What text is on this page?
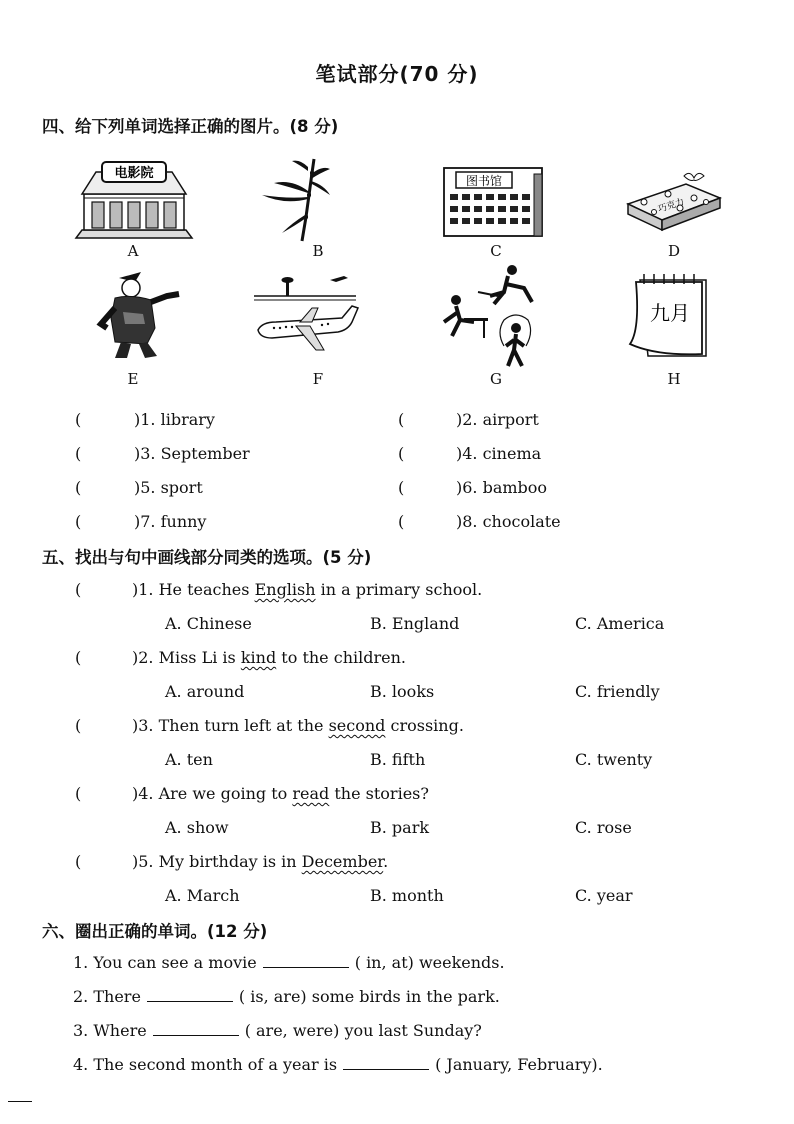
笔试部分(70 分)
四、给下列单词选择正确的图片。(8 分)
电影院
A	B
图书馆
C
巧克力
D
E	F	G
九月
H
(	)1. library	(	)2. airport
(	)3. September	(	)4. cinema
(	)5. sport	(	)6. bamboo
(	)7. funny	(	)8. chocolate
五、找出与句中画线部分同类的选项。(5 分)
(	)1. He teaches English in a primary school.
A. Chinese	B. England	C. America
(	)2. Miss Li is kind to the children.
A. around	B. looks	C. friendly
(	)3. Then turn left at the second crossing.
A. ten	B. fifth	C. twenty
(	)4. Are we going to read the stories?
A. show	B. park	C. rose
(	)5. My birthday is in December.
A. March	B. month	C. year
六、圈出正确的单词。(12 分)
1. You can see a movie	( in, at) weekends.
2. There	( is, are) some birds in the park.
3. Where	( are, were) you last Sunday?
4. The second month of a year is	( January, February).
